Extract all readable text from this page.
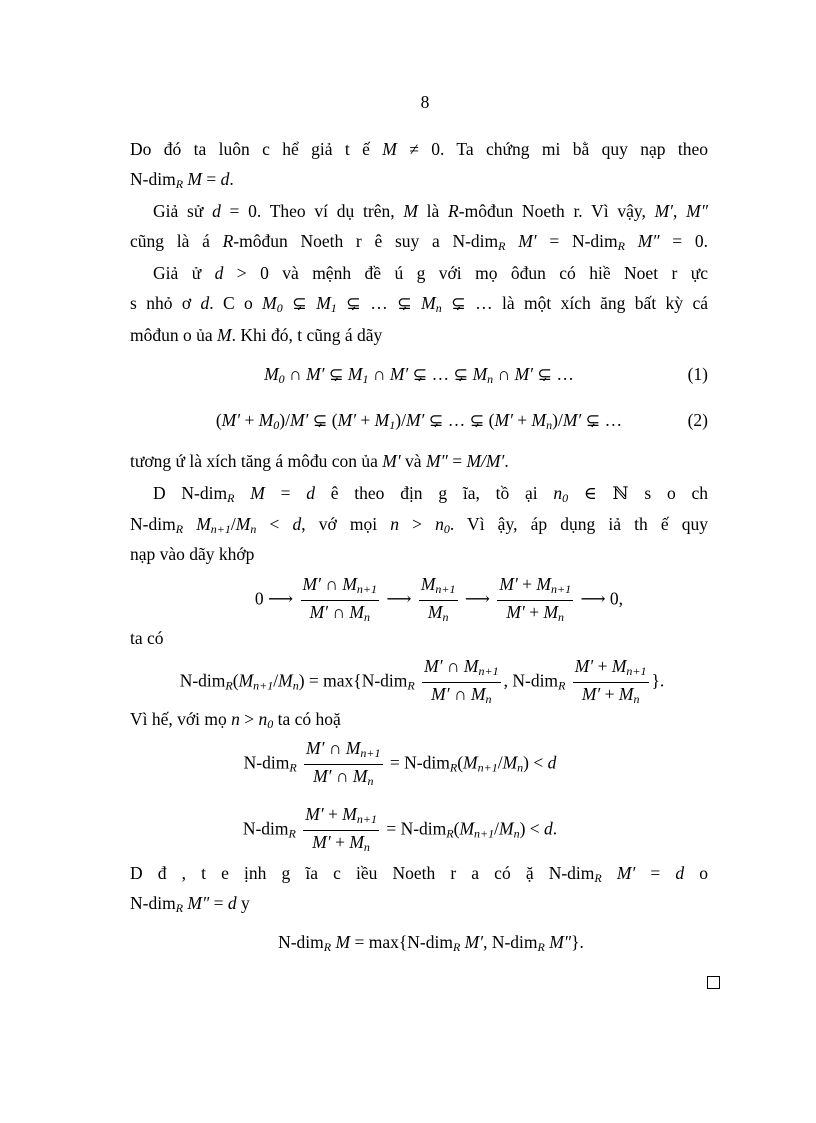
8
Do đó ta luôn c hể giả t ế M ≠ 0. Ta chứng mi bằ quy nạp theo
N-dim$_R$ M = d.
Giả sử d = 0. Theo ví dụ trên, M là R-môđun Noeth r. Vì vậy, M′, M″
cũng là á R-môđun Noeth r ê suy a N-dim$_R$ M′ = N-dim$_R$ M″ = 0.
Giả ử d > 0 và mệnh đề ú g với mọ ôđun có hiề Noet r ực
s nhỏ ơ d. C o $M_0$ ⊊ $M_1$ ⊊ … ⊊ $M_n$ ⊊ … là một xích ăng bất kỳ cá
môđun o ủa M. Khi đó, t cũng á dãy
$M_0$ ∩ M′ ⊊ $M_1$ ∩ M′ ⊊ … ⊊ $M_n$ ∩ M′ ⊊ …	(1)
$(M' + M_0)/M'$ ⊊ $(M' + M_1)/M'$ ⊊ … ⊊ $(M' + M_n)/M'$ ⊊ …	(2)
tương ứ là xích tăng á môđu con ủa M′ và M″ = M/M′.
D N-dim$_R$ M = d ê theo địn g ĩa, tồ ại $n_0$ ∈ ℕ s o ch
N-dim$_R$ $M_{n+1}/M_n < d$, vớ mọi $n > n_0$. Vì ậy, áp dụng iả th ế quy
nạp vào dãy khớp
0 ⟶ $\frac{M' \cap M_{n+1}}{M' \cap M_n}$ ⟶ $\frac{M_{n+1}}{M_n}$ ⟶ $\frac{M' + M_{n+1}}{M' + M_n}$ ⟶ 0,
ta có
$N-dim_R(M_{n+1}/M_n) = \max\{N-dim_R \frac{M' \cap M_{n+1}}{M' \cap M_n}$ , $N-dim_R \frac{M' + M_{n+1}}{M' + M_n}$ }.
Vì hế, với mọ $n > n_0$ ta có hoặ
$N-dim_R \frac{M' \cap M_{n+1}}{M' \cap M_n} = N-dim_R(M_{n+1}/M_n) < d$
$N-dim_R \frac{M' + M_{n+1}}{M' + M_n} = N-dim_R(M_{n+1}/M_n) < d$.
D đ , t e ịnh g ĩa c iều Noeth r a có ặ N-dim$_R$ M′ = d o
N-dim$_R$ M″ = d y
N-dim$_R$ M = max{N-dim$_R$ M′, N-dim$_R$ M″}.
